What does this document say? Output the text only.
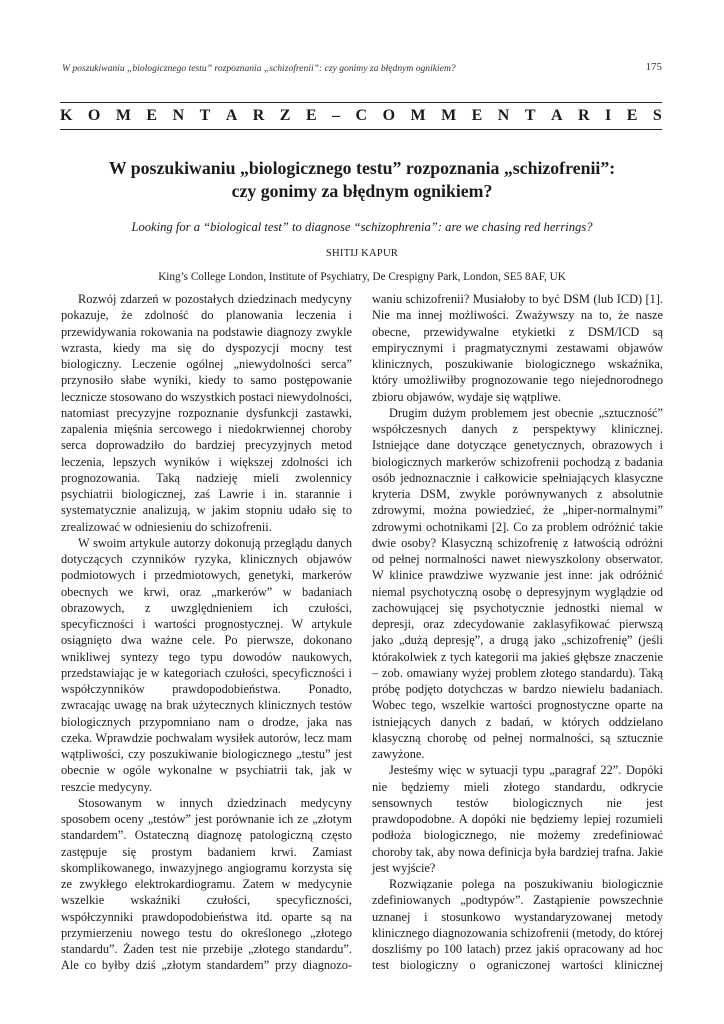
W poszukiwaniu „biologicznego testu” rozpoznania „schizofrenii”: czy gonimy za błędnym ognikiem?	175
K O M E N T A R Z E – C O M M E N T A R I E S

W poszukiwaniu „biologicznego testu” rozpoznania „schizofrenii”:
czy gonimy za błędnym ognikiem?

Looking for a “biological test” to diagnose “schizophrenia”: are we chasing red herrings?
SHITIJ KAPUR
King’s College London, Institute of Psychiatry, De Crespigny Park, London, SE5 8AF, UK

Rozwój zdarzeń w pozostałych dziedzinach medycyny pokazuje, że zdolność do planowania leczenia i przewidywania rokowania na podstawie diagnozy zwykle wzrasta, kiedy ma się do dyspozycji mocny test biologiczny. Leczenie ogólnej „niewydolności serca” przynosiło słabe wyniki, kiedy to samo postępowanie lecznicze stosowano do wszystkich postaci niewydolności, natomiast precyzyjne rozpoznanie dysfunkcji zastawki, zapalenia mięśnia sercowego i niedokrwiennej choroby serca doprowadziło do bardziej precyzyjnych metod leczenia, lepszych wyników i większej zdolności ich prognozowania. Taką nadzieję mieli zwolennicy psychiatrii biologicznej, zaś Lawrie i in. starannie i systematycznie analizują, w jakim stopniu udało się to zrealizować w odniesieniu do schizofrenii.

W swoim artykule autorzy dokonują przeglądu danych dotyczących czynników ryzyka, klinicznych objawów podmiotowych i przedmiotowych, genetyki, markerów obecnych we krwi, oraz „markerów” w badaniach obrazowych, z uwzględnieniem ich czułości, specyficzności i wartości prognostycznej. W artykule osiągnięto dwa ważne cele. Po pierwsze, dokonano wnikliwej syntezy tego typu dowodów naukowych, przedstawiając je w kategoriach czułości, specyficzności i współczynników prawdopodobieństwa. Ponadto, zwracając uwagę na brak użytecznych klinicznych testów biologicznych przypomniano nam o drodze, jaka nas czeka. Wprawdzie pochwalam wysiłek autorów, lecz mam wątpliwości, czy poszukiwanie biologicznego „testu” jest obecnie w ogóle wykonalne w psychiatrii tak, jak w reszcie medycyny.

Stosowanym w innych dziedzinach medycyny sposobem oceny „testów” jest porównanie ich ze „złotym standardem”. Ostateczną diagnozę patologiczną często zastępuje się prostym badaniem krwi. Zamiast skomplikowanego, inwazyjnego angiogramu korzysta się ze zwykłego elektrokardiogramu. Zatem w medycynie wszelkie wskaźniki czułości, specyficzności, współczynniki prawdopodobieństwa itd. oparte są na przymierzeniu nowego testu do określonego „złotego standardu”. Żaden test nie przebije „złotego standardu”. Ale co byłby dziś „złotym standardem” przy diagnozo-

waniu schizofrenii? Musiałoby to być DSM (lub ICD) [1]. Nie ma innej możliwości. Zważywszy na to, że nasze obecne, przewidywalne etykietki z DSM/ICD są empirycznymi i pragmatycznymi zestawami objawów klinicznych, poszukiwanie biologicznego wskaźnika, który umożliwiłby prognozowanie tego niejednorodnego zbioru objawów, wydaje się wątpliwe.

Drugim dużym problemem jest obecnie „sztuczność” współczesnych danych z perspektywy klinicznej. Istniejące dane dotyczące genetycznych, obrazowych i biologicznych markerów schizofrenii pochodzą z badania osób jednoznacznie i całkowicie spełniających klasyczne kryteria DSM, zwykle porównywanych z absolutnie zdrowymi, można powiedzieć, że „hiper-normalnymi” zdrowymi ochotnikami [2]. Co za problem odróżnić takie dwie osoby? Klasyczną schizofrenię z łatwością odróżni od pełnej normalności nawet niewyszkolony obserwator. W klinice prawdziwe wyzwanie jest inne: jak odróżnić niemal psychotyczną osobę o depresyjnym wyglądzie od zachowującej się psychotycznie jednostki niemal w depresji, oraz zdecydowanie zaklasyfikować pierwszą jako „dużą depresję”, a drugą jako „schizofrenię” (jeśli którakolwiek z tych kategorii ma jakieś głębsze znaczenie – zob. omawiany wyżej problem złotego standardu). Taką próbę podjęto dotychczas w bardzo niewielu badaniach. Wobec tego, wszelkie wartości prognostyczne oparte na istniejących danych z badań, w których oddzielano klasyczną chorobę od pełnej normalności, są sztucznie zawyżone.

Jesteśmy więc w sytuacji typu „paragraf 22”. Dopóki nie będziemy mieli złotego standardu, odkrycie sensownych testów biologicznych nie jest prawdopodobne. A dopóki nie będziemy lepiej rozumieli podłoża biologicznego, nie możemy zredefiniować choroby tak, aby nowa definicja była bardziej trafna. Jakie jest wyjście?

Rozwiązanie polega na poszukiwaniu biologicznie zdefiniowanych „podtypów”. Zastąpienie powszechnie uznanej i stosunkowo wystandaryzowanej metody klinicznego diagnozowania schizofrenii (metody, do której doszliśmy po 100 latach) przez jakiś opracowany ad hoc test biologiczny o ograniczonej wartości klinicznej
